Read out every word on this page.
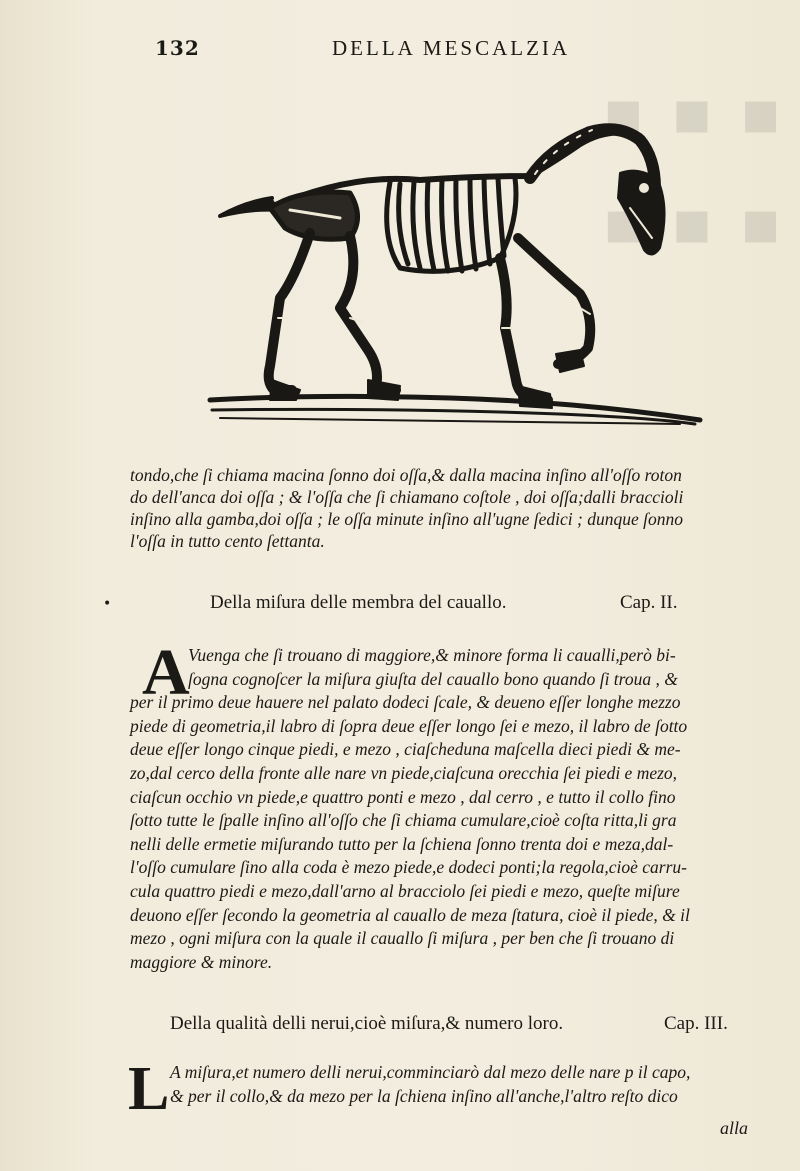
■■■
■■■
132	DELLA MESCALZIA
tondo,che ſi chiama macina ſonno doi oſſa,& dalla macina inſino all'oſſo roton
do dell'anca doi oſſa ; & l'oſſa che ſi chiamano coſtole , doi oſſa;dalli braccioli
inſino alla gamba,doi oſſa ; le oſſa minute inſino all'ugne ſedici ; dunque ſonno
l'oſſa in tutto cento ſettanta.
•	Della miſura delle membra del cauallo.	Cap. II.
A
Vuenga che ſi trouano di maggiore,& minore forma li caualli,però bi-
ſogna cognoſcer la miſura giuſta del cauallo bono quando ſi troua , &
per il primo deue hauere nel palato dodeci ſcale, & deueno eſſer longhe mezzo
piede di geometria,il labro di ſopra deue eſſer longo ſei e mezo, il labro de ſotto
deue eſſer longo cinque piedi, e mezo , ciaſcheduna maſcella dieci piedi & me-
zo,dal cerco della fronte alle nare vn piede,ciaſcuna orecchia ſei piedi e mezo,
ciaſcun occhio vn piede,e quattro ponti e mezo , dal cerro , e tutto il collo fino
ſotto tutte le ſpalle inſino all'oſſo che ſi chiama cumulare,cioè coſta ritta,li gra
nelli delle ermetie miſurando tutto per la ſchiena ſonno trenta doi e meza,dal-
l'oſſo cumulare ſino alla coda è mezo piede,e dodeci ponti;la regola,cioè carru-
cula quattro piedi e mezo,dall'arno al bracciolo ſei piedi e mezo, queſte miſure
deuono eſſer ſecondo la geometria al cauallo de meza ſtatura, cioè il piede, & il
mezo , ogni miſura con la quale il cauallo ſi miſura , per ben che ſi trouano di
maggiore & minore.
Della qualità delli nerui,cioè miſura,& numero loro.	Cap. III.
L A miſura,et numero delli nerui,comminciarò dal mezo delle nare p il capo,
& per il collo,& da mezo per la ſchiena inſino all'anche,l'altro reſto dico
alla
